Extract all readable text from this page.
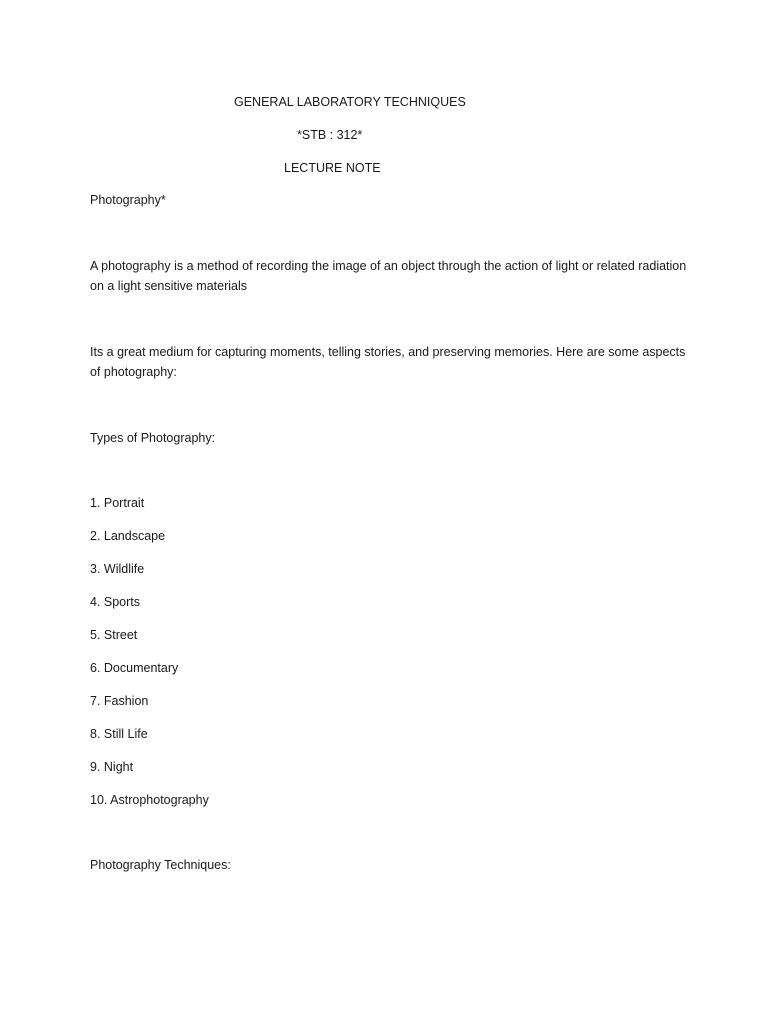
GENERAL LABORATORY TECHNIQUES
*STB : 312*
LECTURE NOTE
Photography*
A photography is a method of recording the image of an object through the action of light or related radiation on a light sensitive materials
Its a great medium for capturing moments, telling stories, and preserving memories. Here are some aspects of photography:
Types of Photography:
1. Portrait
2. Landscape
3. Wildlife
4. Sports
5. Street
6. Documentary
7. Fashion
8. Still Life
9. Night
10. Astrophotography
Photography Techniques:
